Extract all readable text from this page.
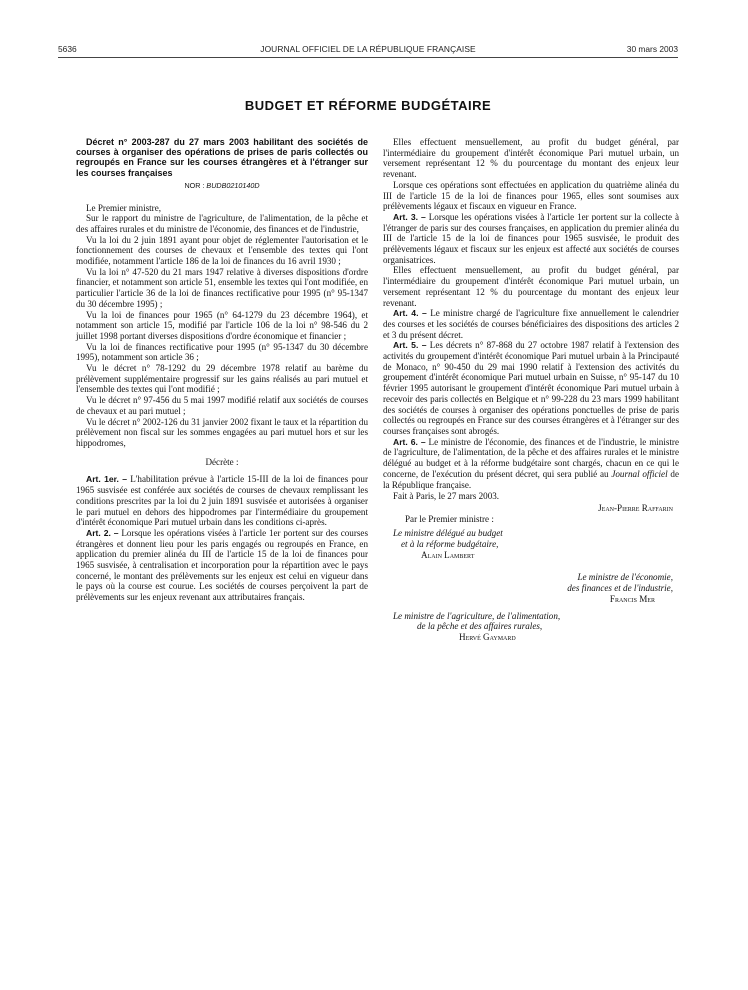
5636	JOURNAL OFFICIEL DE LA RÉPUBLIQUE FRANÇAISE	30 mars 2003
BUDGET ET RÉFORME BUDGÉTAIRE

Décret n° 2003-287 du 27 mars 2003 habilitant des sociétés de courses à organiser des opérations de prises de paris collectés ou regroupés en France sur les courses étrangères et à l'étranger sur les courses françaises

NOR : BUDB0210140D

Le Premier ministre,

Sur le rapport du ministre de l'agriculture, de l'alimentation, de la pêche et des affaires rurales et du ministre de l'économie, des finances et de l'industrie,

Vu la loi du 2 juin 1891 ayant pour objet de réglementer l'autorisation et le fonctionnement des courses de chevaux et l'ensemble des textes qui l'ont modifiée, notamment l'article 186 de la loi de finances du 16 avril 1930 ;

Vu la loi n° 47-520 du 21 mars 1947 relative à diverses dispositions d'ordre financier, et notamment son article 51, ensemble les textes qui l'ont modifiée, en particulier l'article 36 de la loi de finances rectificative pour 1995 (n° 95-1347 du 30 décembre 1995) ;

Vu la loi de finances pour 1965 (n° 64-1279 du 23 décembre 1964), et notamment son article 15, modifié par l'article 106 de la loi n° 98-546 du 2 juillet 1998 portant diverses dispositions d'ordre économique et financier ;

Vu la loi de finances rectificative pour 1995 (n° 95-1347 du 30 décembre 1995), notamment son article 36 ;

Vu le décret n° 78-1292 du 29 décembre 1978 relatif au barème du prélèvement supplémentaire progressif sur les gains réalisés au pari mutuel et l'ensemble des textes qui l'ont modifié ;

Vu le décret n° 97-456 du 5 mai 1997 modifié relatif aux sociétés de courses de chevaux et au pari mutuel ;

Vu le décret n° 2002-126 du 31 janvier 2002 fixant le taux et la répartition du prélèvement non fiscal sur les sommes engagées au pari mutuel hors et sur les hippodromes,

Décrète :

Art. 1er. – L'habilitation prévue à l'article 15-III de la loi de finances pour 1965 susvisée est conférée aux sociétés de courses de chevaux remplissant les conditions prescrites par la loi du 2 juin 1891 susvisée et autorisées à organiser le pari mutuel en dehors des hippodromes par l'intermédiaire du groupement d'intérêt économique Pari mutuel urbain dans les conditions ci-après.

Art. 2. – Lorsque les opérations visées à l'article 1er portent sur des courses étrangères et donnent lieu pour les paris engagés ou regroupés en France, en application du premier alinéa du III de l'article 15 de la loi de finances pour 1965 susvisée, à centralisation et incorporation pour la répartition avec le pays concerné, le montant des prélèvements sur les enjeux est celui en vigueur dans le pays où la course est courue. Les sociétés de courses perçoivent la part de prélèvements sur les enjeux revenant aux attributaires français.

Elles effectuent mensuellement, au profit du budget général, par l'intermédiaire du groupement d'intérêt économique Pari mutuel urbain, un versement représentant 12 % du pourcentage du montant des enjeux leur revenant.

Lorsque ces opérations sont effectuées en application du quatrième alinéa du III de l'article 15 de la loi de finances pour 1965, elles sont soumises aux prélèvements légaux et fiscaux en vigueur en France.

Art. 3. – Lorsque les opérations visées à l'article 1er portent sur la collecte à l'étranger de paris sur des courses françaises, en application du premier alinéa du III de l'article 15 de la loi de finances pour 1965 susvisée, le produit des prélèvements légaux et fiscaux sur les enjeux est affecté aux sociétés de courses organisatrices.

Elles effectuent mensuellement, au profit du budget général, par l'intermédiaire du groupement d'intérêt économique Pari mutuel urbain, un versement représentant 12 % du pourcentage du montant des enjeux leur revenant.

Art. 4. – Le ministre chargé de l'agriculture fixe annuellement le calendrier des courses et les sociétés de courses bénéficiaires des dispositions des articles 2 et 3 du présent décret.

Art. 5. – Les décrets n° 87-868 du 27 octobre 1987 relatif à l'extension des activités du groupement d'intérêt économique Pari mutuel urbain à la Principauté de Monaco, n° 90-450 du 29 mai 1990 relatif à l'extension des activités du groupement d'intérêt économique Pari mutuel urbain en Suisse, n° 95-147 du 10 février 1995 autorisant le groupement d'intérêt économique Pari mutuel urbain à recevoir des paris collectés en Belgique et n° 99-228 du 23 mars 1999 habilitant des sociétés de courses à organiser des opérations ponctuelles de prise de paris collectés ou regroupés en France sur des courses étrangères et à l'étranger sur des courses françaises sont abrogés.

Art. 6. – Le ministre de l'économie, des finances et de l'industrie, le ministre de l'agriculture, de l'alimentation, de la pêche et des affaires rurales et le ministre délégué au budget et à la réforme budgétaire sont chargés, chacun en ce qui le concerne, de l'exécution du présent décret, qui sera publié au Journal officiel de la République française.

Fait à Paris, le 27 mars 2003.

Jean-Pierre Raffarin

Par le Premier ministre :

Le ministre délégué au budget

et à la réforme budgétaire,

Alain Lambert

Le ministre de l'économie,

des finances et de l'industrie,

Francis Mer

Le ministre de l'agriculture, de l'alimentation,

de la pêche et des affaires rurales,

Hervé Gaymard
